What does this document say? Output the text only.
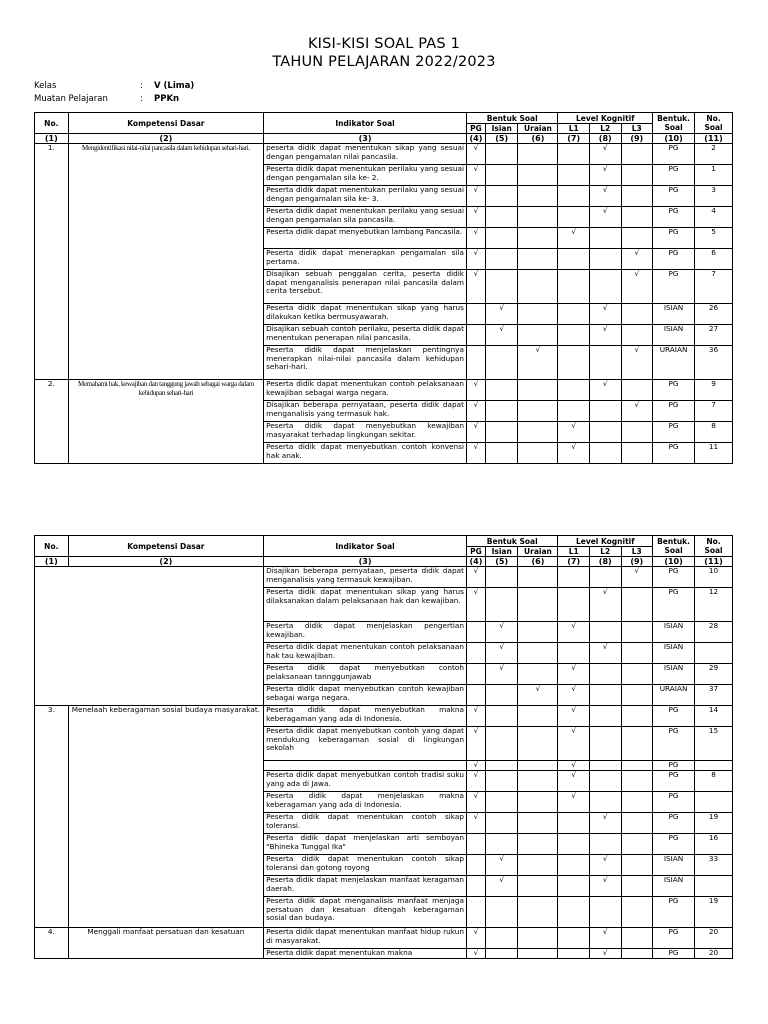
KISI-KISI SOAL PAS 1
TAHUN PELAJARAN 2022/2023
Kelas	: V (Lima)
Muatan Pelajaran	: PPKn
No.	Kompetensi Dasar	Indikator Soal	Bentuk Soal			Level Kognitif			Bentuk. Soal	No. Soal
			PG	Isian	Uraian	L1	L2	L3		
(1)	(2)	(3)	(4)	(5)	(6)	(7)	(8)	(9)	(10)	(11)
1.	Mengidentifikasi nilai-nilai pancasila dalam kehidupan sehari-hari.	peserta didik dapat menentukan sikap yang sesuai dengan pengamalan nilai pancasila.	√				√		PG	2
		Peserta didik dapat menentukan perilaku yang sesuai dengan pengamalan sila ke- 2.	√				√		PG	1
		Peserta didik dapat menentukan perilaku yang sesuai dengan pengamalan sila ke- 3.	√				√		PG	3
		Peserta didik dapat menentukan perilaku yang sesuai dengan pengamalan sila pancasila.	√				√		PG	4
		Peserta didik dapat menyebutkan lambang Pancasila.	√			√			PG	5
		Peserta didik dapat menerapkan pengamalan sila pertama.	√					√	PG	6
		Disajikan sebuah penggalan cerita, peserta didik dapat menganalisis penerapan nilai pancasila dalam cerita tersebut.	√					√	PG	7
		Peserta didik dapat menentukan sikap yang harus dilakukan ketika bermusyawarah.		√			√		ISIAN	26
		Disajikan sebuah contoh perilaku, peserta didik dapat menentukan penerapan nilai pancasila.		√			√		ISIAN	27
		Peserta didik dapat menjelaskan pentingnya menerapkan nilai-nilai pancasila dalam kehidupan sehari-hari.			√			√	URAIAN	36
2.	Memahami hak, kewajiban dan tanggung jawab sebagai warga dalam kehidupan sehari-hari	Peserta didik dapat menentukan contoh pelaksanaan kewajiban sebagai warga negara.	√				√		PG	9
		Disajikan beberapa pernyataan, peserta didik dapat menganalisis yang termasuk hak.	√					√	PG	7
		Peserta didik dapat menyebutkan kewajiban masyarakat terhadap lingkungan sekitar.	√			√			PG	8
		Peserta didik dapat menyebutkan contoh konvensi hak anak.	√			√			PG	11
No.	Kompetensi Dasar	Indikator Soal	Bentuk Soal			Level Kognitif			Bentuk. Soal	No. Soal
			PG	Isian	Uraian	L1	L2	L3		
(1)	(2)	(3)	(4)	(5)	(6)	(7)	(8)	(9)	(10)	(11)
		Disajikan beberapa pernyataan, peserta didik dapat menganalisis yang termasuk kewajiban.	√					√	PG	10
		Peserta didik dapat menentukan sikap yang harus dilaksanakan dalam pelaksanaan hak dan kewajiban.	√				√		PG	12
		Peserta didik dapat menjelaskan pengertian kewajiban.		√		√			ISIAN	28
		Peserta didik dapat menentukan contoh pelaksanaan hak tau kewajiban.		√			√		ISIAN	
		Peserta didik dapat menyebutkan contoh pelaksanaan tannggunjawab		√		√			ISIAN	29
		Peserta didik dapat menyebutkan contoh kewajiban sebagai warga negara.			√	√			URAIAN	37
3.	Menelaah keberagaman sosial budaya masyarakat.	Peserta didik dapat menyebutkan makna keberagaman yang ada di Indonesia.	√			√			PG	14
		Peserta didik dapat menyebutkan contoh yang dapat mendukung keberagaman sosial di lingkungan sekolah	√			√			PG	15
			√			√			PG	
		Peserta didik dapat menyebutkan contoh tradisi suku yang ada di Jawa.	√			√			PG	8
		Peserta didik dapat menjelaskan makna keberagaman yang ada di Indonesia.	√			√			PG	
		Peserta didik dapat menentukan contoh sikap toleransi.	√				√		PG	19
		Peserta didik dapat menjelaskan arti semboyan "Bhineka Tunggal Ika"							PG	16
		Peserta didik dapat menentukan contoh sikap toleransi dan gotong royong		√			√		ISIAN	33
		Peserta didik dapat menjelaskan manfaat keragaman daerah.		√			√		ISIAN	
		Peserta didik dapat menganalisis manfaat menjaga persatuan dan kesatuan ditengah keberagaman sosial dan budaya.							PG	19
4.	Menggali manfaat persatuan dan kesatuan	Peserta didik dapat menentukan manfaat hidup rukun di masyarakat.	√				√		PG	20
		Peserta didik dapat menentukan makna	√				√		PG	20
